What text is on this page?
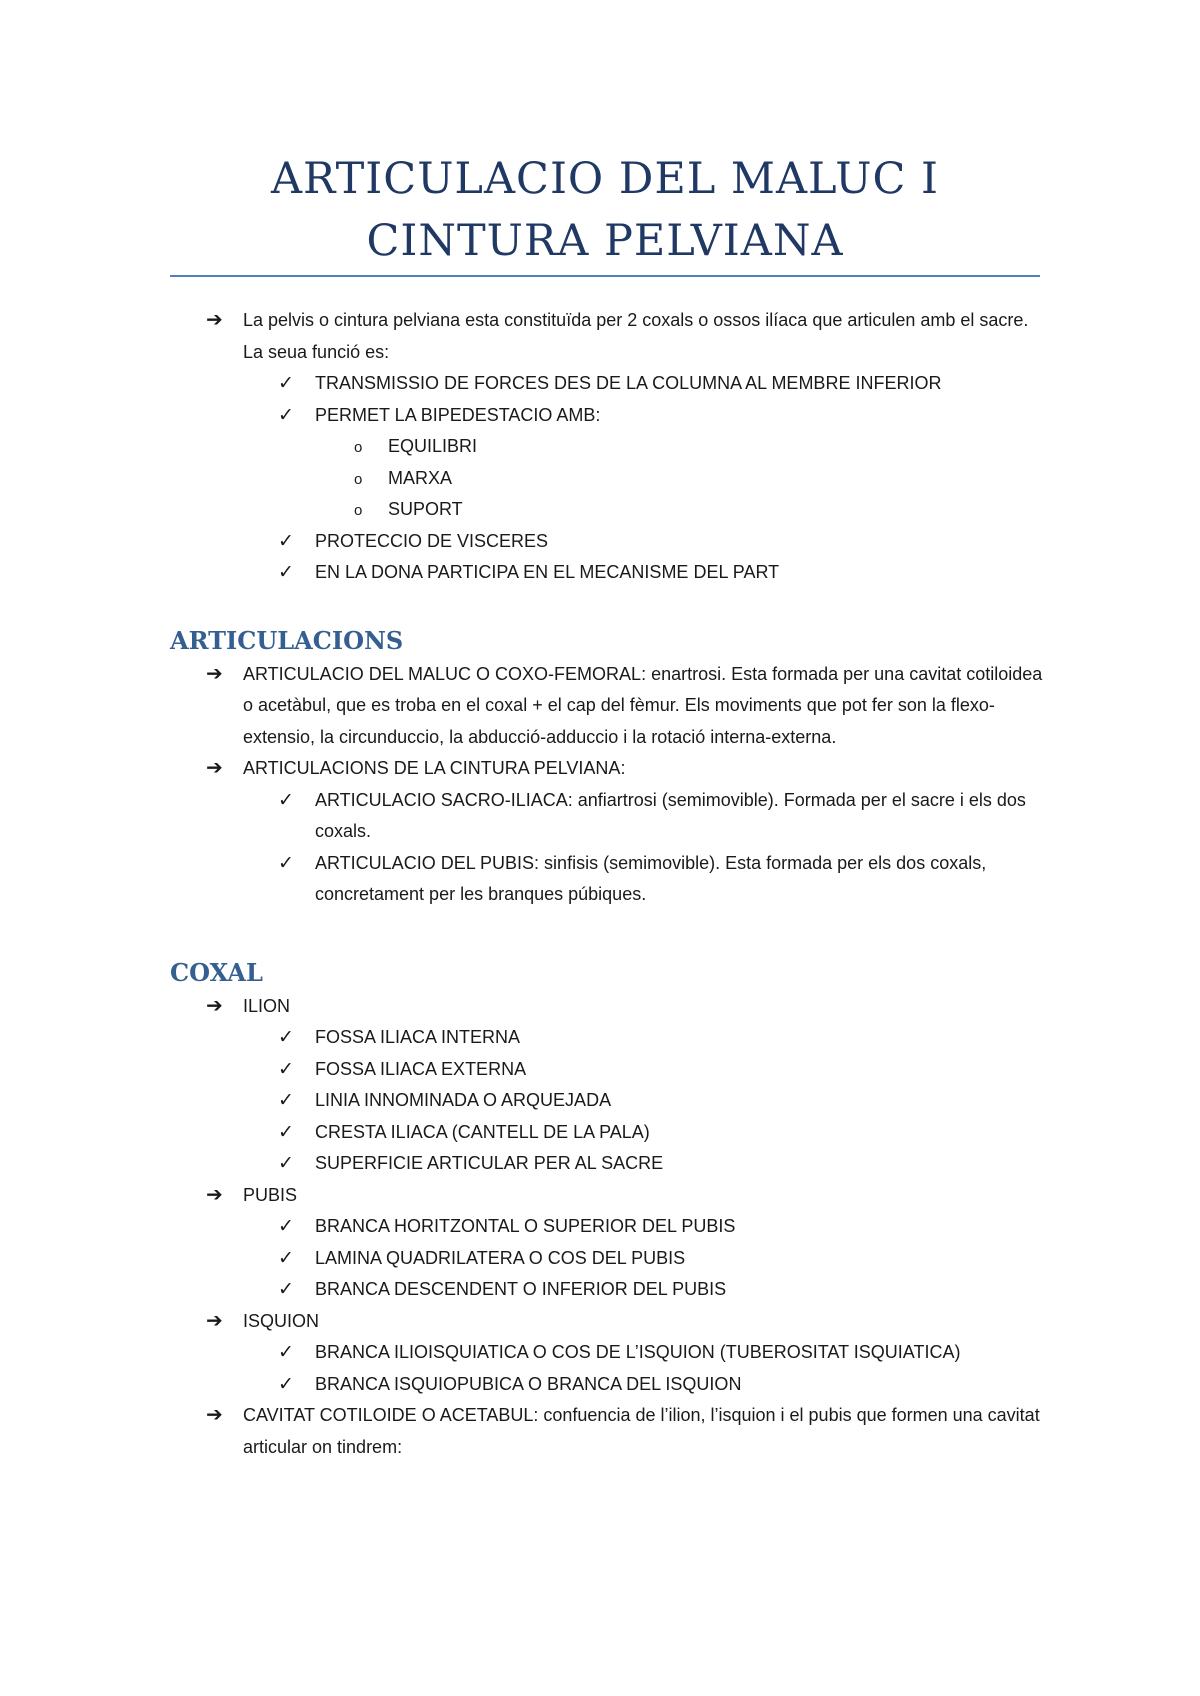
ARTICULACIO DEL MALUC I
CINTURA PELVIANA
➔ La pelvis o cintura pelviana esta constituïda per 2 coxals o ossos ilíaca que articulen amb el sacre. La seua funció es:
✓ TRANSMISSIO DE FORCES DES DE LA COLUMNA AL MEMBRE INFERIOR
✓ PERMET LA BIPEDESTACIO AMB:
o EQUILIBRI
o MARXA
o SUPORT
✓ PROTECCIO DE VISCERES
✓ EN LA DONA PARTICIPA EN EL MECANISME DEL PART
ARTICULACIONS
➔ ARTICULACIO DEL MALUC O COXO-FEMORAL: enartrosi. Esta formada per una cavitat cotiloidea o acetàbul, que es troba en el coxal + el cap del fèmur. Els moviments que pot fer son la flexo-extensio, la circunduccio, la abducció-adduccio i la rotació interna-externa.
➔ ARTICULACIONS DE LA CINTURA PELVIANA:
✓ ARTICULACIO SACRO-ILIACA: anfiartrosi (semimovible). Formada per el sacre i els dos coxals.
✓ ARTICULACIO DEL PUBIS: sinfisis (semimovible). Esta formada per els dos coxals, concretament per les branques púbiques.
COXAL
➔ ILION
✓ FOSSA ILIACA INTERNA
✓ FOSSA ILIACA EXTERNA
✓ LINIA INNOMINADA O ARQUEJADA
✓ CRESTA ILIACA (CANTELL DE LA PALA)
✓ SUPERFICIE ARTICULAR PER AL SACRE
➔ PUBIS
✓ BRANCA HORITZONTAL O SUPERIOR DEL PUBIS
✓ LAMINA QUADRILATERA O COS DEL PUBIS
✓ BRANCA DESCENDENT O INFERIOR DEL PUBIS
➔ ISQUION
✓ BRANCA ILIOISQUIATICA O COS DE L’ISQUION (TUBEROSITAT ISQUIATICA)
✓ BRANCA ISQUIOPUBICA O BRANCA DEL ISQUION
➔ CAVITAT COTILOIDE O ACETABUL: confuencia de l’ilion, l’isquion i el pubis que formen una cavitat articular on tindrem:
